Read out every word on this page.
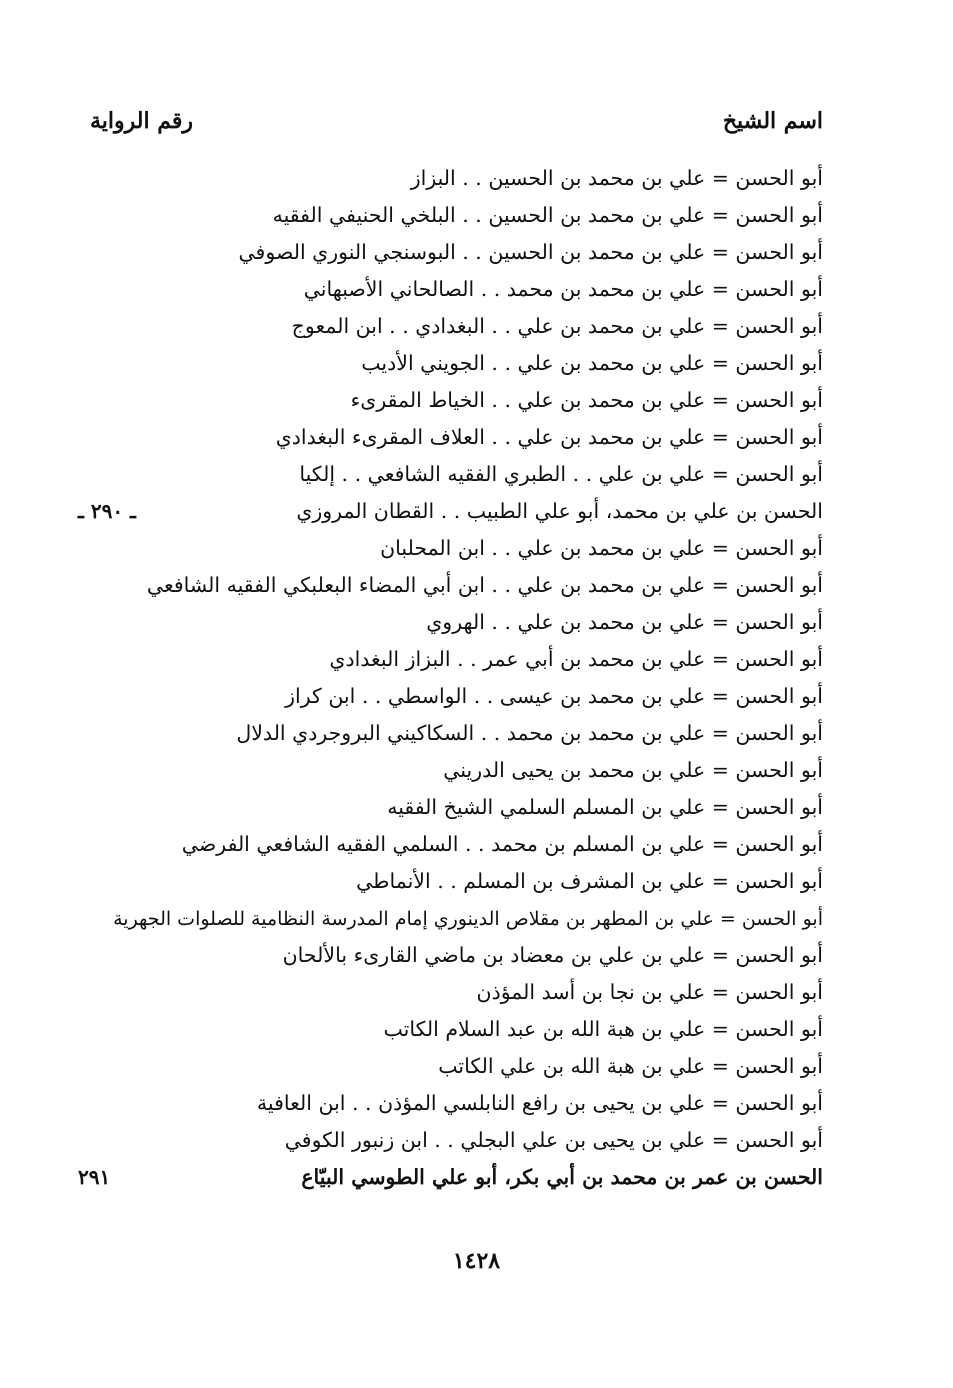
اسم الشيخ
رقم الرواية
أبو الحسن = علي بن محمد بن الحسين . . البزاز
أبو الحسن = علي بن محمد بن الحسين . . البلخي الحنيفي الفقيه
أبو الحسن = علي بن محمد بن الحسين . . البوسنجي النوري الصوفي
أبو الحسن = علي بن محمد بن محمد . . الصالحاني الأصبهاني
أبو الحسن = علي بن محمد بن علي . . البغدادي . . ابن المعوج
أبو الحسن = علي بن محمد بن علي . . الجويني الأديب
أبو الحسن = علي بن محمد بن علي . . الخياط المقرىء
أبو الحسن = علي بن محمد بن علي . . العلاف المقرىء البغدادي
أبو الحسن = علي بن علي . . الطبري الفقيه الشافعي . . إلكيا
الحسن بن علي بن محمد، أبو علي الطبيب . . القطان المروزي
ـ ٢٩٠ ـ
أبو الحسن = علي بن محمد بن علي . . ابن المحلبان
أبو الحسن = علي بن محمد بن علي . . ابن أبي المضاء البعلبكي الفقيه الشافعي
أبو الحسن = علي بن محمد بن علي . . الهروي
أبو الحسن = علي بن محمد بن أبي عمر . . البزاز البغدادي
أبو الحسن = علي بن محمد بن عيسى . . الواسطي . . ابن كراز
أبو الحسن = علي بن محمد بن محمد . . السكاكيني البروجردي الدلال
أبو الحسن = علي بن محمد بن يحيى الدريني
أبو الحسن = علي بن المسلم السلمي الشيخ الفقيه
أبو الحسن = علي بن المسلم بن محمد . . السلمي الفقيه الشافعي الفرضي
أبو الحسن = علي بن المشرف بن المسلم . . الأنماطي
أبو الحسن = علي بن المطهر بن مقلاص الدينوري إمام المدرسة النظامية للصلوات الجهرية
أبو الحسن = علي بن علي بن معضاد بن ماضي القارىء بالألحان
أبو الحسن = علي بن نجا بن أسد المؤذن
أبو الحسن = علي بن هبة الله بن عبد السلام الكاتب
أبو الحسن = علي بن هبة الله بن علي الكاتب
أبو الحسن = علي بن يحيى بن رافع النابلسي المؤذن . . ابن العافية
أبو الحسن = علي بن يحيى بن علي البجلي . . ابن زنبور الكوفي
الحسن بن عمر بن محمد بن أبي بكر، أبو علي الطوسي البيّاع
٢٩١
١٤٢٨
